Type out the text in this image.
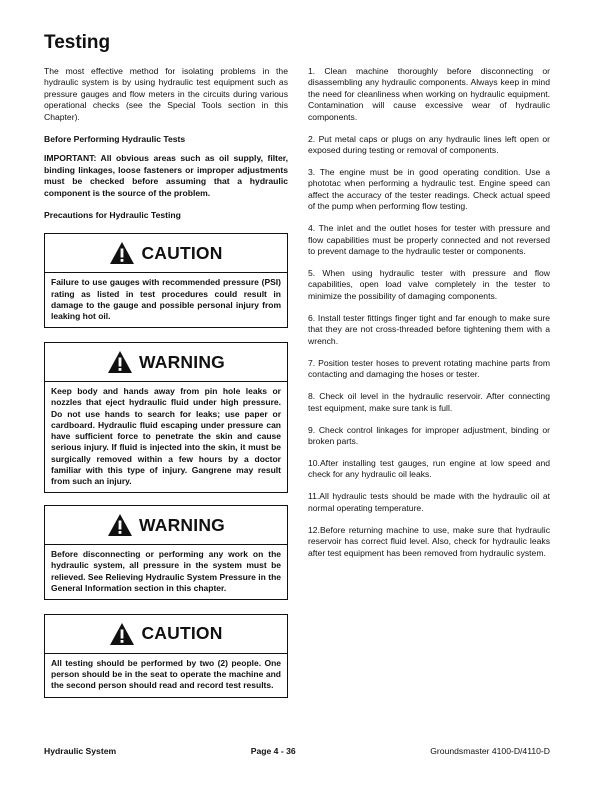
Testing

The most effective method for isolating problems in the hydraulic system is by using hydraulic test equipment such as pressure gauges and flow meters in the circuits during various operational checks (see the Special Tools section in this Chapter).

Before Performing Hydraulic Tests

IMPORTANT: All obvious areas such as oil supply, filter, binding linkages, loose fasteners or improper adjustments must be checked before assuming that a hydraulic component is the source of the problem.

Precautions for Hydraulic Testing

CAUTION

Failure to use gauges with recommended pressure (PSI) rating as listed in test procedures could result in damage to the gauge and possible personal injury from leaking hot oil.

WARNING

Keep body and hands away from pin hole leaks or nozzles that eject hydraulic fluid under high pressure. Do not use hands to search for leaks; use paper or cardboard. Hydraulic fluid escaping under pressure can have sufficient force to penetrate the skin and cause serious injury. If fluid is injected into the skin, it must be surgically removed within a few hours by a doctor familiar with this type of injury. Gangrene may result from such an injury.

WARNING

Before disconnecting or performing any work on the hydraulic system, all pressure in the system must be relieved. See Relieving Hydraulic System Pressure in the General Information section in this chapter.

CAUTION

All testing should be performed by two (2) people. One person should be in the seat to operate the machine and the second person should read and record test results.

1. Clean machine thoroughly before disconnecting or disassembling any hydraulic components. Always keep in mind the need for cleanliness when working on hydraulic equipment. Contamination will cause excessive wear of hydraulic components.

2. Put metal caps or plugs on any hydraulic lines left open or exposed during testing or removal of components.

3. The engine must be in good operating condition. Use a phototac when performing a hydraulic test. Engine speed can affect the accuracy of the tester readings. Check actual speed of the pump when performing flow testing.

4. The inlet and the outlet hoses for tester with pressure and flow capabilities must be properly connected and not reversed to prevent damage to the hydraulic tester or components.

5. When using hydraulic tester with pressure and flow capabilities, open load valve completely in the tester to minimize the possibility of damaging components.

6. Install tester fittings finger tight and far enough to make sure that they are not cross-threaded before tightening them with a wrench.

7. Position tester hoses to prevent rotating machine parts from contacting and damaging the hoses or tester.

8. Check oil level in the hydraulic reservoir. After connecting test equipment, make sure tank is full.

9. Check control linkages for improper adjustment, binding or broken parts.

10.After installing test gauges, run engine at low speed and check for any hydraulic oil leaks.

11.All hydraulic tests should be made with the hydraulic oil at normal operating temperature.

12.Before returning machine to use, make sure that hydraulic reservoir has correct fluid level. Also, check for hydraulic leaks after test equipment has been removed from hydraulic system.

Hydraulic System	Page 4 - 36	Groundsmaster 4100-D/4110-D
